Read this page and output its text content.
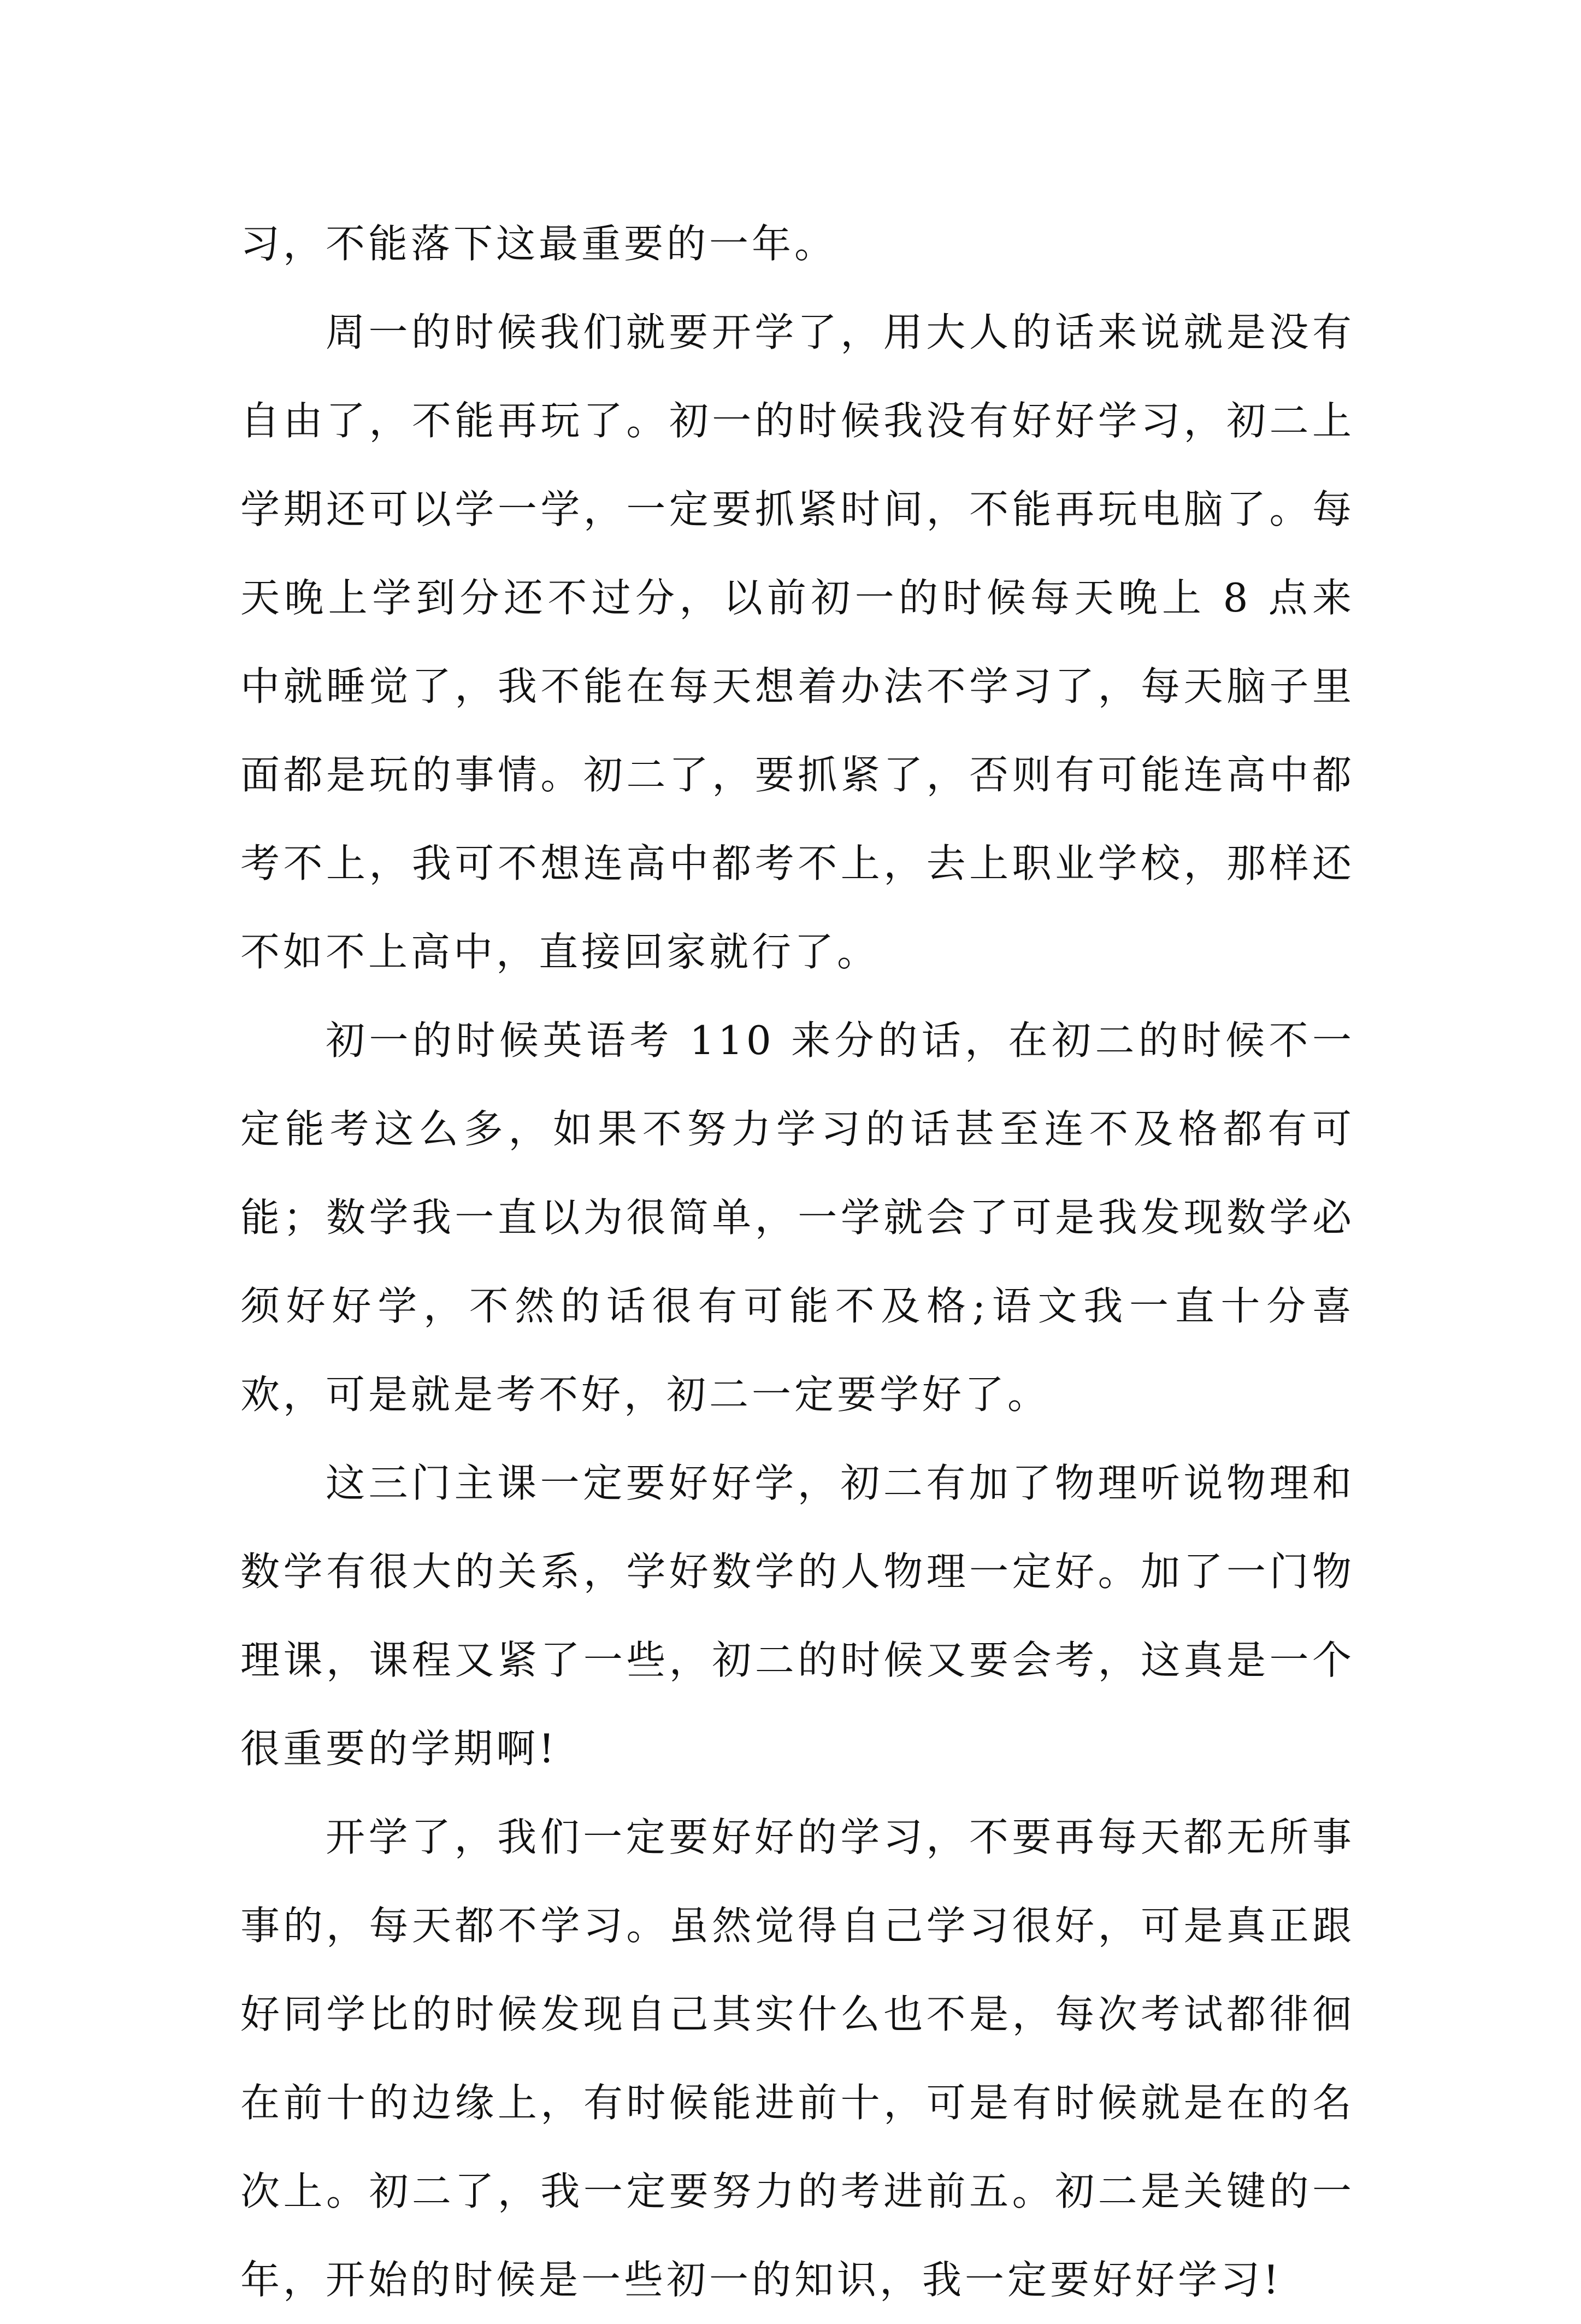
习，不能落下这最重要的一年。

周一的时候我们就要开学了，用大人的话来说就是没有自由了，不能再玩了。初一的时候我没有好好学习，初二上学期还可以学一学，一定要抓紧时间，不能再玩电脑了。每天晚上学到分还不过分，以前初一的时候每天晚上 8 点来中就睡觉了，我不能在每天想着办法不学习了，每天脑子里面都是玩的事情。初二了，要抓紧了，否则有可能连高中都考不上，我可不想连高中都考不上，去上职业学校，那样还不如不上高中，直接回家就行了。

初一的时候英语考 110 来分的话，在初二的时候不一定能考这么多，如果不努力学习的话甚至连不及格都有可能；数学我一直以为很简单，一学就会了可是我发现数学必须好好学，不然的话很有可能不及格;语文我一直十分喜欢，可是就是考不好，初二一定要学好了。

这三门主课一定要好好学，初二有加了物理听说物理和数学有很大的关系，学好数学的人物理一定好。加了一门物理课，课程又紧了一些，初二的时候又要会考，这真是一个很重要的学期啊!

开学了，我们一定要好好的学习，不要再每天都无所事事的，每天都不学习。虽然觉得自己学习很好，可是真正跟好同学比的时候发现自己其实什么也不是，每次考试都徘徊在前十的边缘上，有时候能进前十，可是有时候就是在的名次上。初二了，我一定要努力的考进前五。初二是关键的一年，开始的时候是一些初一的知识，我一定要好好学习!
